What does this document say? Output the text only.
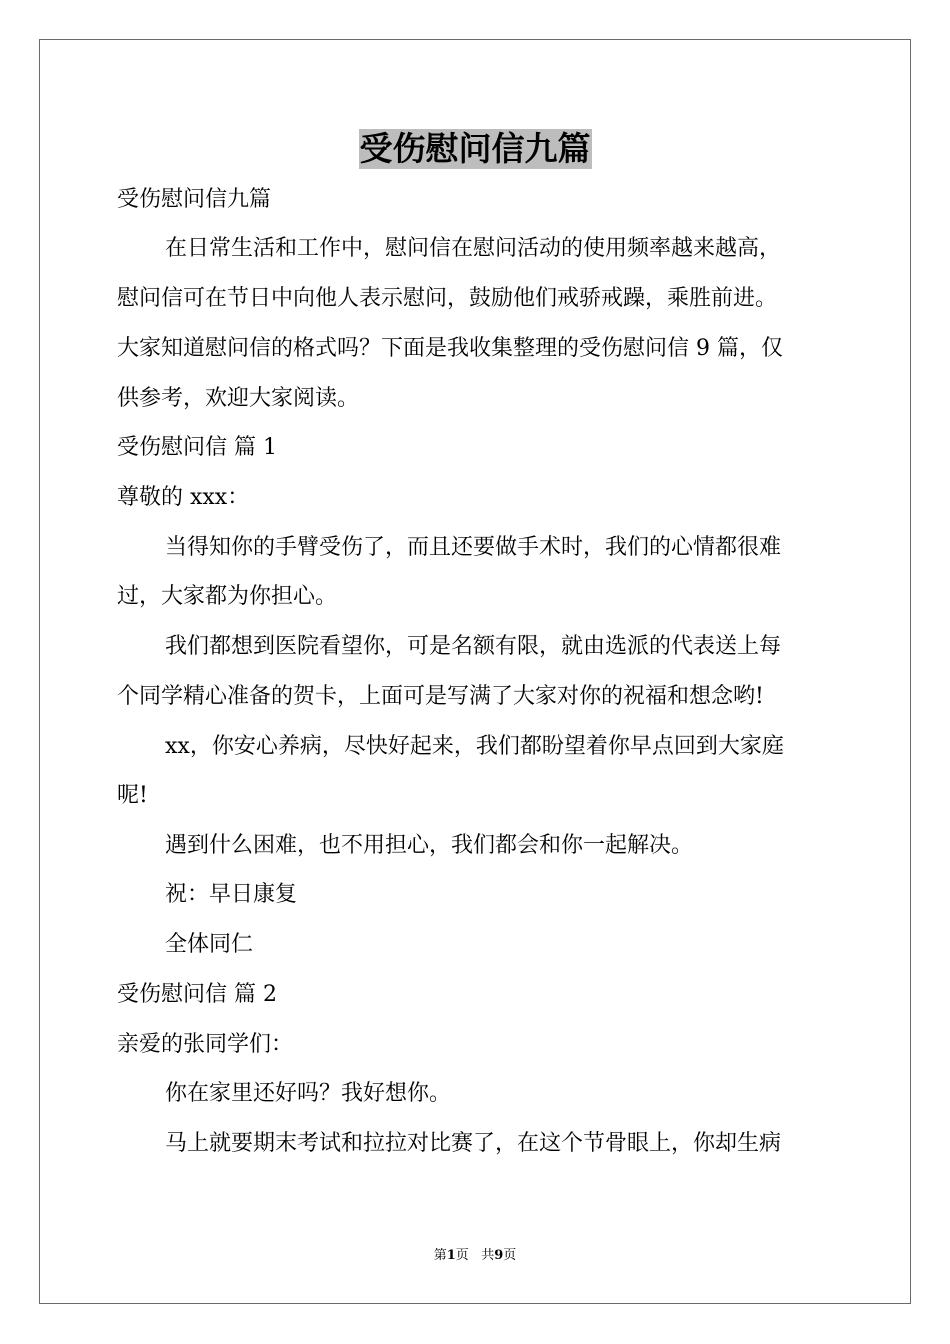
受伤慰问信九篇
受伤慰问信九篇
在日常生活和工作中，慰问信在慰问活动的使用频率越来越高，
慰问信可在节日中向他人表示慰问，鼓励他们戒骄戒躁，乘胜前进。
大家知道慰问信的格式吗？下面是我收集整理的受伤慰问信 9 篇，仅
供参考，欢迎大家阅读。
受伤慰问信 篇 1
尊敬的 xxx：
当得知你的手臂受伤了，而且还要做手术时，我们的心情都很难
过，大家都为你担心。
我们都想到医院看望你，可是名额有限，就由选派的代表送上每
个同学精心准备的贺卡，上面可是写满了大家对你的祝福和想念哟!
xx，你安心养病，尽快好起来，我们都盼望着你早点回到大家庭
呢!
遇到什么困难，也不用担心，我们都会和你一起解决。
祝：早日康复
全体同仁
受伤慰问信 篇 2
亲爱的张同学们：
你在家里还好吗？我好想你。
马上就要期末考试和拉拉对比赛了，在这个节骨眼上，你却生病
第1页   共9页
